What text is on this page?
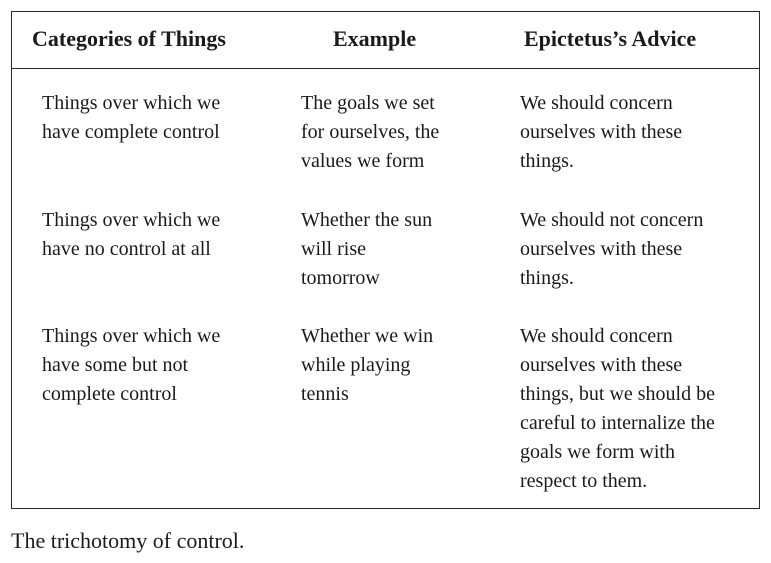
Categories of Things	Example	Epictetus’s Advice
Things over which we
have complete control
The goals we set
for ourselves, the
values we form
We should concern
ourselves with these
things.
Things over which we
have no control at all
Whether the sun
will rise
tomorrow
We should not concern
ourselves with these
things.
Things over which we
have some but not
complete control
Whether we win
while playing
tennis
We should concern
ourselves with these
things, but we should be
careful to internalize the
goals we form with
respect to them.
The trichotomy of control.
